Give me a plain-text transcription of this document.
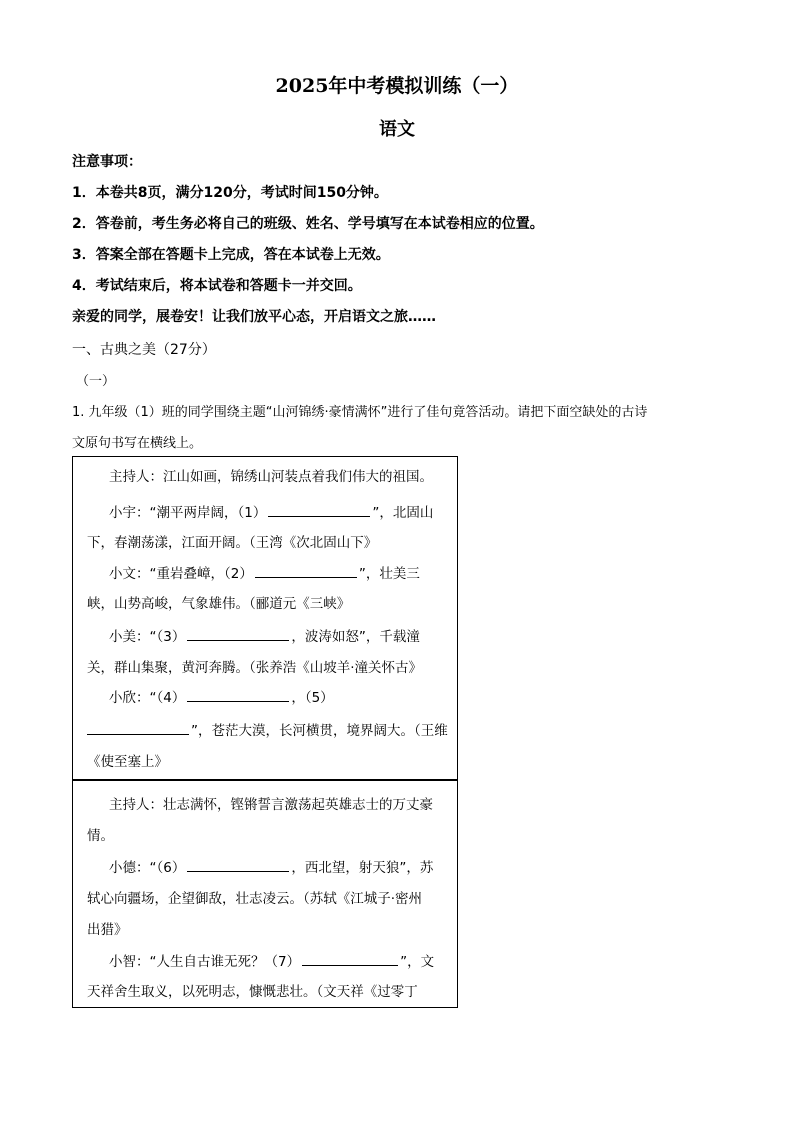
2025年中考模拟训练（一）
语文
注意事项：
1．本卷共8页，满分120分，考试时间150分钟。
2．答卷前，考生务必将自己的班级、姓名、学号填写在本试卷相应的位置。
3．答案全部在答题卡上完成，答在本试卷上无效。
4．考试结束后，将本试卷和答题卡一并交回。
亲爱的同学，展卷安！让我们放平心态，开启语文之旅……
一、古典之美（27分）
（一）
1. 九年级（1）班的同学围绕主题“山河锦绣·豪情满怀”进行了佳句竟答活动。请把下面空缺处的古诗
文原句书写在横线上。
主持人：江山如画，锦绣山河装点着我们伟大的祖国。
小宇：“潮平两岸阔，（1）	”，北固山
下，春潮荡漾，江面开阔。（王湾《次北固山下》
小文：“重岩叠嶂，（2）	”，壮美三
峡，山势高峻，气象雄伟。（郦道元《三峡》
小美：“（3）	，波涛如怒”，千载潼
关，群山集聚，黄河奔腾。（张养浩《山坡羊·潼关怀古》
小欣：“（4）	，（5）
”，苍茫大漠，长河横贯，境界阔大。（王维
《使至塞上》
主持人：壮志满怀，铿锵誓言激荡起英雄志士的万丈豪
情。
小德：“（6）	，西北望，射天狼”，苏
轼心向疆场，企望御敌，壮志凌云。（苏轼《江城子·密州
出猎》
小智：“人生自古谁无死？（7）	”，文
天祥舍生取义，以死明志，慷慨悲壮。（文天祥《过零丁
